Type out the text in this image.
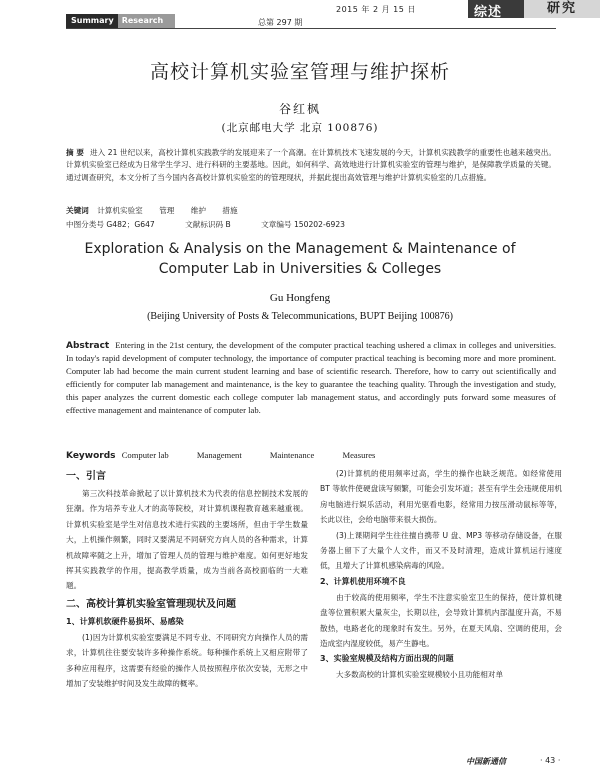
2015 年 2 月 15 日	综述	研究
Summary	Research	总第 297 期
高校计算机实验室管理与维护探析
谷红枫
(北京邮电大学 北京 100876)
摘 要 进入 21 世纪以来，高校计算机实践教学的发展迎来了一个高潮。在计算机技术飞速发展的今天，计算机实践教学的重要性也越来越突出。计算机实验室已经成为日常学生学习、进行科研的主要基地。因此，如何科学、高效地进行计算机实验室的管理与维护，是保障教学质量的关键。通过调查研究，本文分析了当今国内各高校计算机实验室的的管理现状，并据此提出高效管理与维护计算机实验室的几点措施。
关键词 计算机实验室 管理 维护 措施
中图分类号 G482；G647	文献标识码 B	文章编号 150202-6923
Exploration & Analysis on the Management & Maintenance of Computer Lab in Universities & Colleges
Gu Hongfeng
(Beijing University of Posts & Telecommunications, BUPT Beijing 100876)
Abstract Entering in the 21st century, the development of the computer practical teaching ushered a climax in colleges and universities. In today's rapid development of computer technology, the importance of computer practical teaching is becoming more and more prominent. Computer lab had become the main current student learning and base of scientific research. Therefore, how to carry out scientifically and efficiently for computer lab management and maintenance, is the key to guarantee the teaching quality. Through the investigation and study, this paper analyzes the current domestic each college computer lab management status, and accordingly puts forward some measures of effective management and maintenance of computer lab.
Keywords Computer lab	Management	Maintenance	Measures
一、引言
第三次科技革命掀起了以计算机技术为代表的信息控制技术发展的狂潮。作为培养专业人才的高等院校，对计算机课程教育越来越重视。计算机实验室是学生对信息技术进行实践的主要场所，但由于学生数量大，上机操作频繁，同时又要满足不同研究方向人员的各种需求，计算机故障率随之上升，增加了管理人员的管理与维护难度。如何更好地发挥其实践教学的作用，提高教学质量，成为当前各高校面临的一大难题。
二、高校计算机实验室管理现状及问题
1、计算机软硬件易损坏、易感染
(1)因为计算机实验室要满足不同专业、不同研究方向操作人员的需求，计算机往往要安装许多种操作系统。每种操作系统上又相应附带了多种应用程序，这需要有经验的操作人员按照程序依次安装，无形之中增加了安装维护时间及发生故障的概率。
(2)计算机的使用频率过高，学生的操作也缺乏规范。如经常使用 BT 等软件使硬盘读写频繁，可能会引发坏道；甚至有学生会违规使用机房电脑进行娱乐活动，利用光驱看电影，经常用力按压滑动鼠标等等，长此以往，会给电脑带来很大损伤。
(3)上课期间学生往往擅自携带 U 盘、MP3 等移动存储设备，在服务器上留下了大量个人文件，而又不及时清理，造成计算机运行速度低，且增大了计算机感染病毒的风险。
2、计算机使用环境不良
由于较高的使用频率，学生不注意实验室卫生的保持，使计算机键盘等位置积累大量灰尘，长期以往，会导致计算机内部温度升高，不易散热，电路老化的现象时有发生。另外，在夏天风扇、空调的使用，会造成室内湿度较低，易产生静电。
3、实验室规模及结构方面出现的问题
大多数高校的计算机实验室规模较小且功能相对单
中国新通信	· 43 ·
